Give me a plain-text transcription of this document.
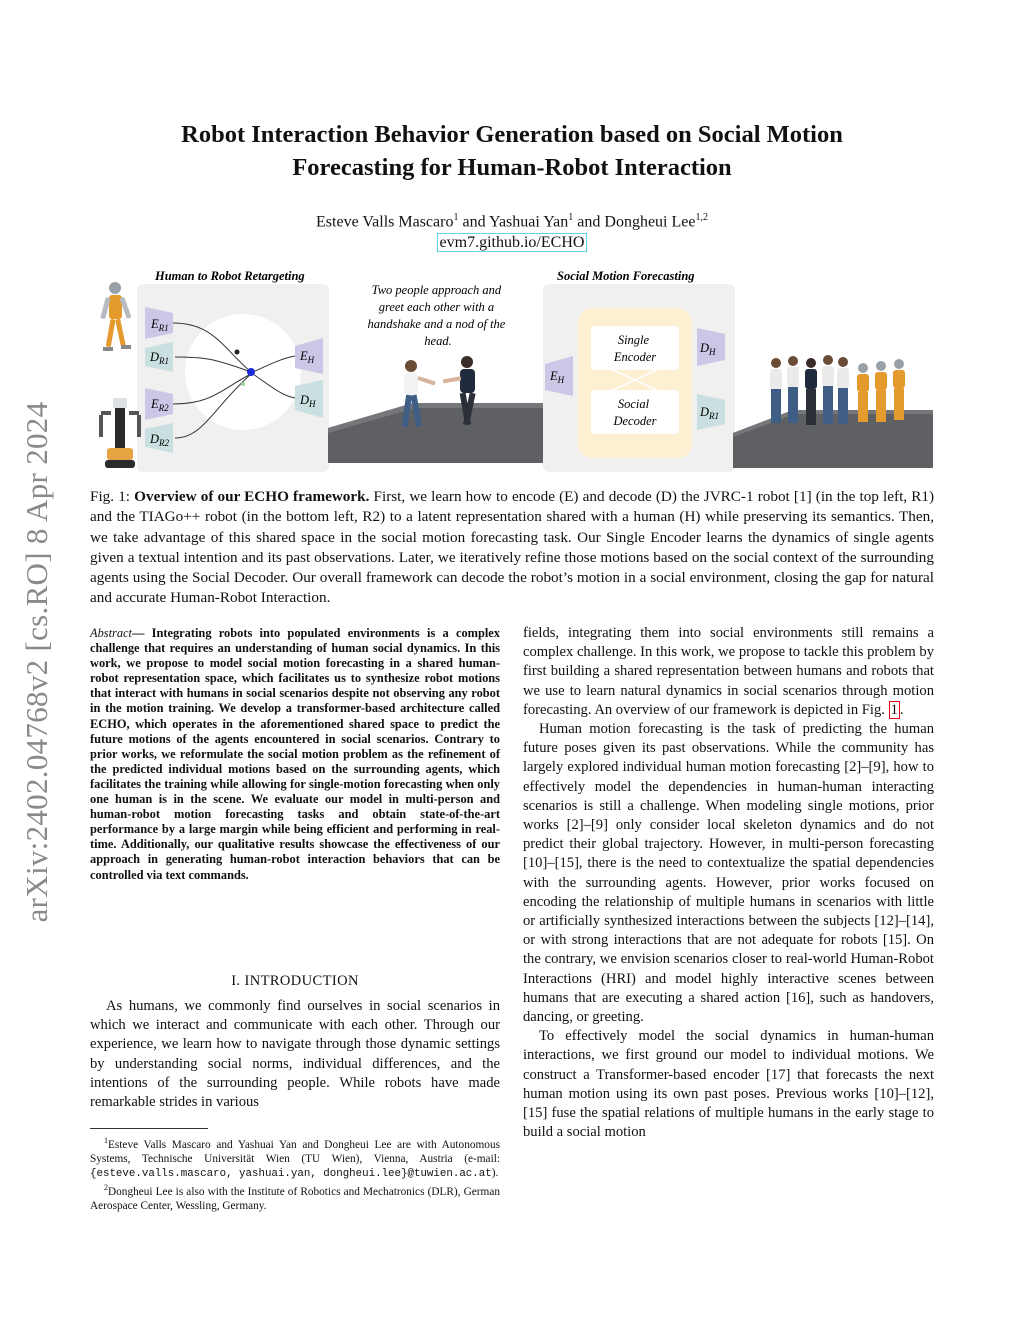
arXiv:2402.04768v2 [cs.RO] 8 Apr 2024
Robot Interaction Behavior Generation based on Social Motion
Forecasting for Human-Robot Interaction
Esteve Valls Mascaro$^1$ and Yashuai Yan$^1$ and Dongheui Lee$^{1,2}$
evm7.github.io/ECHO
Human to Robot Retargeting
$E_{R1}$
$D_{R1}$
$E_{R2}$
$D_{R2}$
$E_H$
$D_H$
Two people approach and greet each other with a handshake and a nod of the head.
Social Motion Forecasting
Single Encoder
Social Decoder
$E_H$
$D_H$
$D_{R1}$
Fig. 1: Overview of our ECHO framework. First, we learn how to encode (E) and decode (D) the JVRC-1 robot [1] (in the top left, R1) and the TIAGo++ robot (in the bottom left, R2) to a latent representation shared with a human (H) while preserving its semantics. Then, we take advantage of this shared space in the social motion forecasting task. Our Single Encoder learns the dynamics of single agents given a textual intention and its past observations. Later, we iteratively refine those motions based on the social context of the surrounding agents using the Social Decoder. Our overall framework can decode the robot’s motion in a social environment, closing the gap for natural and accurate Human-Robot Interaction.
Abstract— Integrating robots into populated environments is a complex challenge that requires an understanding of human social dynamics. In this work, we propose to model social motion forecasting in a shared human-robot representation space, which facilitates us to synthesize robot motions that interact with humans in social scenarios despite not observing any robot in the motion training. We develop a transformer-based architecture called ECHO, which operates in the aforementioned shared space to predict the future motions of the agents encountered in social scenarios. Contrary to prior works, we reformulate the social motion problem as the refinement of the predicted individual motions based on the surrounding agents, which facilitates the training while allowing for single-motion forecasting when only one human is in the scene. We evaluate our model in multi-person and human-robot motion forecasting tasks and obtain state-of-the-art performance by a large margin while being efficient and performing in real-time. Additionally, our qualitative results showcase the effectiveness of our approach in generating human-robot interaction behaviors that can be controlled via text commands.
I. INTRODUCTION

As humans, we commonly find ourselves in social scenarios in which we interact and communicate with each other. Through our experience, we learn how to navigate through those dynamic settings by understanding social norms, individual differences, and the intentions of the surrounding people. While robots have made remarkable strides in various

$^1$Esteve Valls Mascaro and Yashuai Yan and Dongheui Lee are with Autonomous Systems, Technische Universität Wien (TU Wien), Vienna, Austria (e-mail: {esteve.valls.mascaro, yashuai.yan, dongheui.lee}@tuwien.ac.at).
$^2$Dongheui Lee is also with the Institute of Robotics and Mechatronics (DLR), German Aerospace Center, Wessling, Germany.

fields, integrating them into social environments still remains a complex challenge. In this work, we propose to tackle this problem by first building a shared representation between humans and robots that we use to learn natural dynamics in social scenarios through motion forecasting. An overview of our framework is depicted in Fig. 1 .

Human motion forecasting is the task of predicting the human future poses given its past observations. While the community has largely explored individual human motion forecasting [2]–[9], how to effectively model the dependencies in human-human interacting scenarios is still a challenge. When modeling single motions, prior works [2]–[9] only consider local skeleton dynamics and do not predict their global trajectory. However, in multi-person forecasting [10]–[15], there is the need to contextualize the spatial dependencies with the surrounding agents. However, prior works focused on encoding the relationship of multiple humans in scenarios with little or artificially synthesized interactions between the subjects [12]–[14], or with strong interactions that are not adequate for robots [15]. On the contrary, we envision scenarios closer to real-world Human-Robot Interactions (HRI) and model highly interactive scenes between humans that are executing a shared action [16], such as handovers, dancing, or greeting.

To effectively model the social dynamics in human-human interactions, we first ground our model to individual motions. We construct a Transformer-based encoder [17] that forecasts the next human motion using its own past poses. Previous works [10]–[12], [15] fuse the spatial relations of multiple humans in the early stage to build a social motion
